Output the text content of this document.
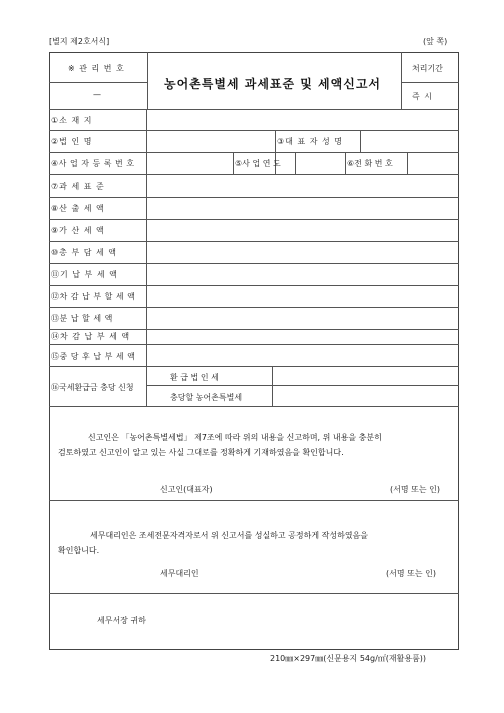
[별지 제2호서식]	(앞 쪽)
※ 관 리 번 호
—
농어촌특별세 과세표준 및 세액신고서
처리기간
즉 시
①소 재 지
②법 인 명	③대 표 자 성 명
④사 업 자 등 록 번 호	⑤사 업 연 도	⑥전 화 번 호
⑦과 세 표 준
⑧산 출 세 액
⑨가 산 세 액
⑩총 부 담 세 액
⑪기 납 부 세 액
⑫차 감 납 부 할 세 액
⑬분 납 할 세 액
⑭차 감 납 부 세 액
⑮중 당 후 납 부 세 액
⑯국세환급금 충당 신청
환 급 법 인 세
충당할 농어촌특별세
신고인은 「농어촌특별세법」 제7조에 따라 위의 내용을 신고하며, 위 내용을 충분히
검토하였고 신고인이 알고 있는 사실 그대로를 정확하게 기재하였음을 확인합니다.
신고인(대표자)	(서명 또는 인)
세무대리인은 조세전문자격자로서 위 신고서를 성실하고 공정하게 작성하였음을
확인합니다.
세무대리인	(서명 또는 인)
세무서장 귀하
210㎜×297㎜(신문용지 54g/㎡(재활용품))
